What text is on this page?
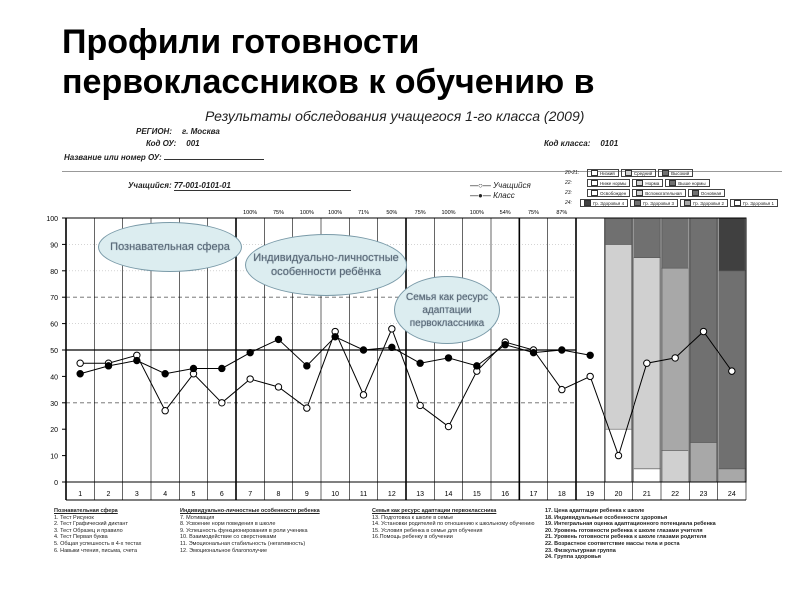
Профили готовности
первоклассников к обучению в
Результаты обследования учащегося 1-го класса (2009)
РЕГИОН: г. Москва
Код ОУ: 001
Название или номер ОУ:
Код класса: 0101
Учащийся: 77-001-0101-01	—○— Учащийся
—●— Класс
20-21:	Низкий	Средний	Высокий
22:	Ниже нормы	Норма	Выше нормы
23:	Освобожден	Вспомогательная	Основная
24:	Гр. Здоровья 4	Гр. Здоровья 3	Гр. Здоровья 2	Гр. Здоровья 1
0
10
20
30
40
50
60
70
80
90
100
1	2	3	4	5	6	7	8	9	10	11	12	13	14	15	16	17	18	19	20	21	22	23	24
100%	75%	100%	100%	71%	50%	75%	100%	100%	54%	75%	87%
Познавательная сфера
Индивидуально-личностные особенности ребёнка
Семья как ресурс адаптации первоклассника
Познавательная сфера
1. Тест Рисунок
2. Тест Графический диктант
3. Тест Образец и правило
4. Тест Первая буква
5. Общая успешность в 4-х тестах
6. Навыки чтения, письма, счета
Индивидуально-личностные особенности ребенка
7. Мотивация
8. Усвоение норм поведения в школе
9. Успешность функционирования в роли ученика
10. Взаимодействие со сверстниками
11. Эмоциональная стабильность (негативность)
12. Эмоциональное благополучие
Семья как ресурс адаптации первоклассника
13. Подготовка к школе в семье
14. Установки родителей по отношению к школьному обучению
15. Условия ребенка в семье для обучения
16.Помощь ребенку в обучении
17. Цена адаптации ребенка к школе
18. Индивидуальные особенности здоровья
19. Интегральная оценка адаптационного потенциала ребенка
20. Уровень готовности ребенка к школе глазами учителя
21. Уровень готовности ребенка к школе глазами родителя
22. Возрастное соответствие массы тела и роста
23. Физкультурная группа
24. Группа здоровья
